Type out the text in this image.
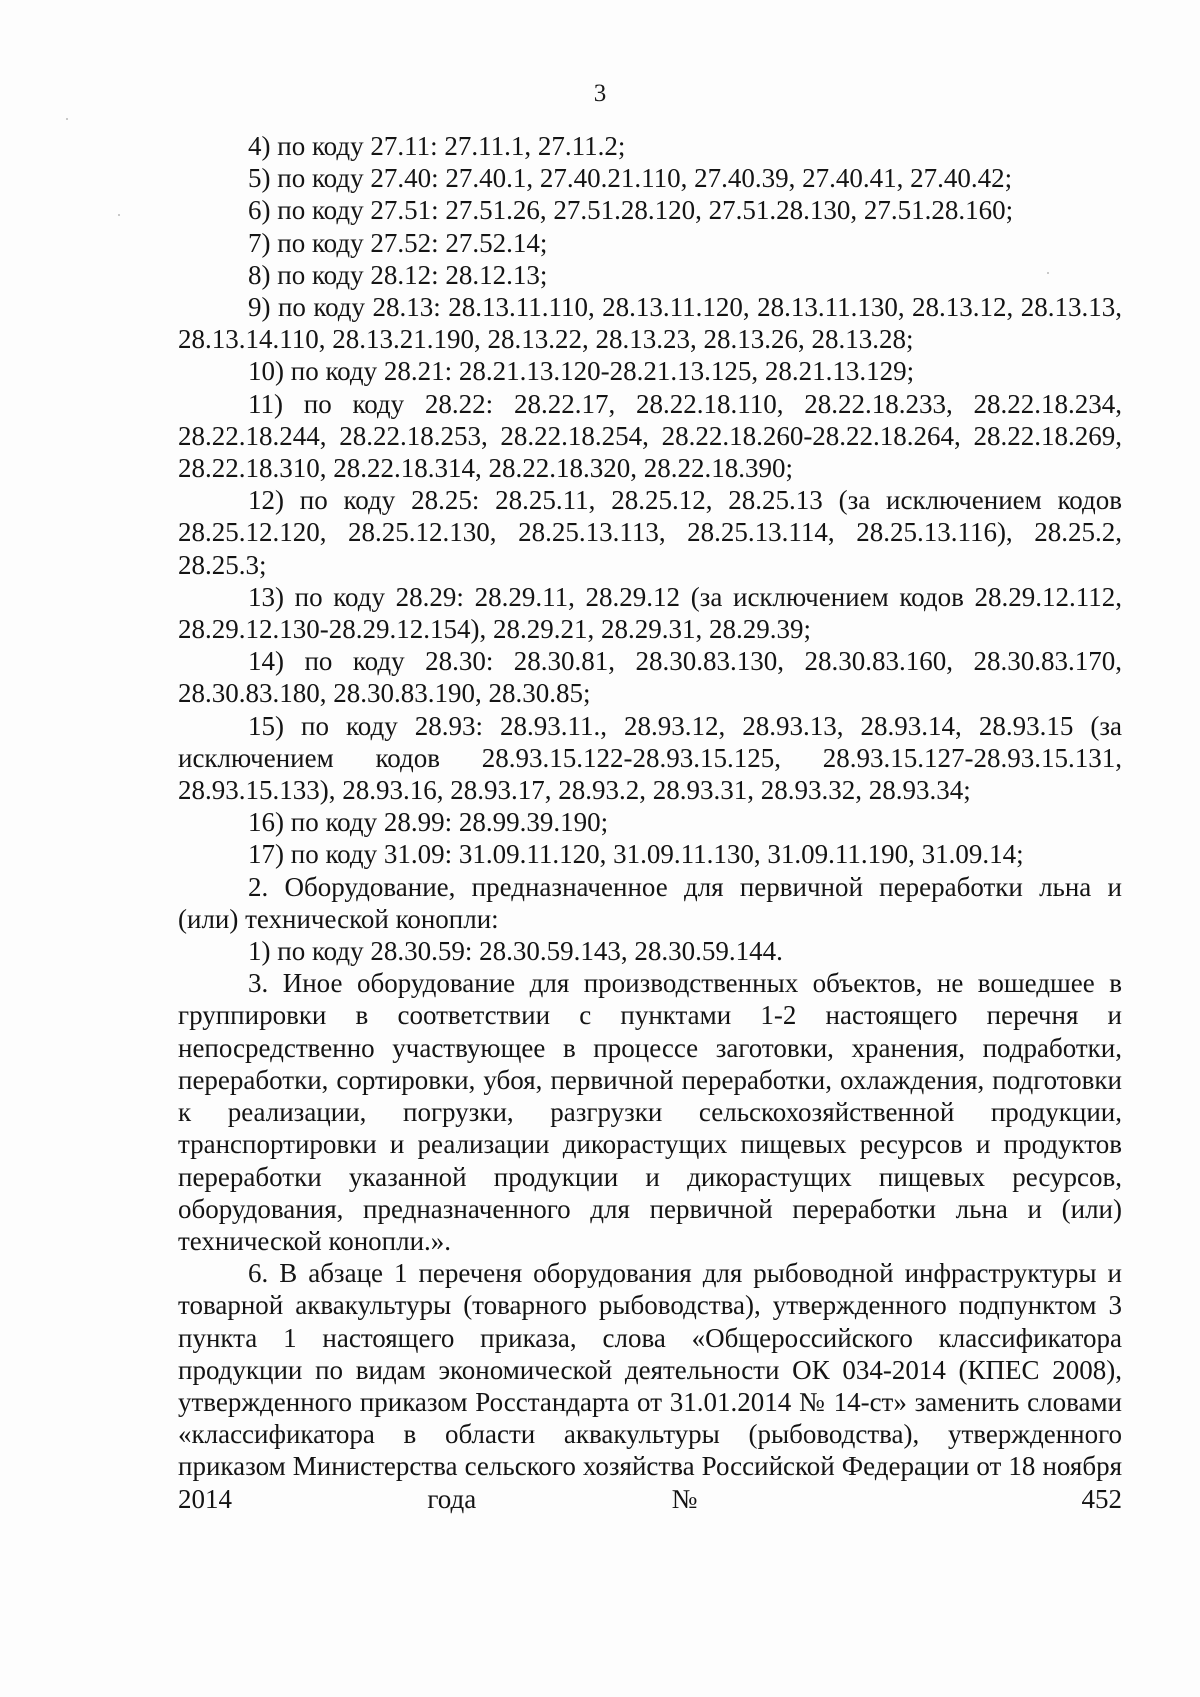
3

4) по коду 27.11: 27.11.1, 27.11.2;

5) по коду 27.40: 27.40.1, 27.40.21.110, 27.40.39, 27.40.41, 27.40.42;

6) по коду 27.51: 27.51.26, 27.51.28.120, 27.51.28.130, 27.51.28.160;

7) по коду 27.52: 27.52.14;

8) по коду 28.12: 28.12.13;

9) по коду 28.13: 28.13.11.110, 28.13.11.120, 28.13.11.130, 28.13.12, 28.13.13, 28.13.14.110, 28.13.21.190, 28.13.22, 28.13.23, 28.13.26, 28.13.28;

10) по коду 28.21: 28.21.13.120-28.21.13.125, 28.21.13.129;

11) по коду 28.22: 28.22.17, 28.22.18.110, 28.22.18.233, 28.22.18.234, 28.22.18.244, 28.22.18.253, 28.22.18.254, 28.22.18.260-28.22.18.264, 28.22.18.269, 28.22.18.310, 28.22.18.314, 28.22.18.320, 28.22.18.390;

12) по коду 28.25: 28.25.11, 28.25.12, 28.25.13 (за исключением кодов 28.25.12.120, 28.25.12.130, 28.25.13.113, 28.25.13.114, 28.25.13.116), 28.25.2, 28.25.3;

13) по коду 28.29: 28.29.11, 28.29.12 (за исключением кодов 28.29.12.112, 28.29.12.130-28.29.12.154), 28.29.21, 28.29.31, 28.29.39;

14) по коду 28.30: 28.30.81, 28.30.83.130, 28.30.83.160, 28.30.83.170, 28.30.83.180, 28.30.83.190, 28.30.85;

15) по коду 28.93: 28.93.11., 28.93.12, 28.93.13, 28.93.14, 28.93.15 (за исключением кодов 28.93.15.122-28.93.15.125, 28.93.15.127-28.93.15.131, 28.93.15.133), 28.93.16, 28.93.17, 28.93.2, 28.93.31, 28.93.32, 28.93.34;

16) по коду 28.99: 28.99.39.190;

17) по коду 31.09: 31.09.11.120, 31.09.11.130, 31.09.11.190, 31.09.14;

2. Оборудование, предназначенное для первичной переработки льна и (или) технической конопли:

1) по коду 28.30.59: 28.30.59.143, 28.30.59.144.

3. Иное оборудование для производственных объектов, не вошедшее в группировки в соответствии с пунктами 1-2 настоящего перечня и непосредственно участвующее в процессе заготовки, хранения, подработки, переработки, сортировки, убоя, первичной переработки, охлаждения, подготовки к реализации, погрузки, разгрузки сельскохозяйственной продукции, транспортировки и реализации дикорастущих пищевых ресурсов и продуктов переработки указанной продукции и дикорастущих пищевых ресурсов, оборудования, предназначенного для первичной переработки льна и (или) технической конопли.».

6. В абзаце 1 переченя оборудования для рыбоводной инфраструктуры и товарной аквакультуры (товарного рыбоводства), утвержденного подпунктом 3 пункта 1 настоящего приказа, слова «Общероссийского классификатора продукции по видам экономической деятельности ОК 034-2014 (КПЕС 2008), утвержденного приказом Росстандарта от 31.01.2014 № 14-ст» заменить словами «классификатора в области аквакультуры (рыбоводства), утвержденного приказом Министерства сельского хозяйства Российской Федерации от 18 ноября 2014 года № 452
